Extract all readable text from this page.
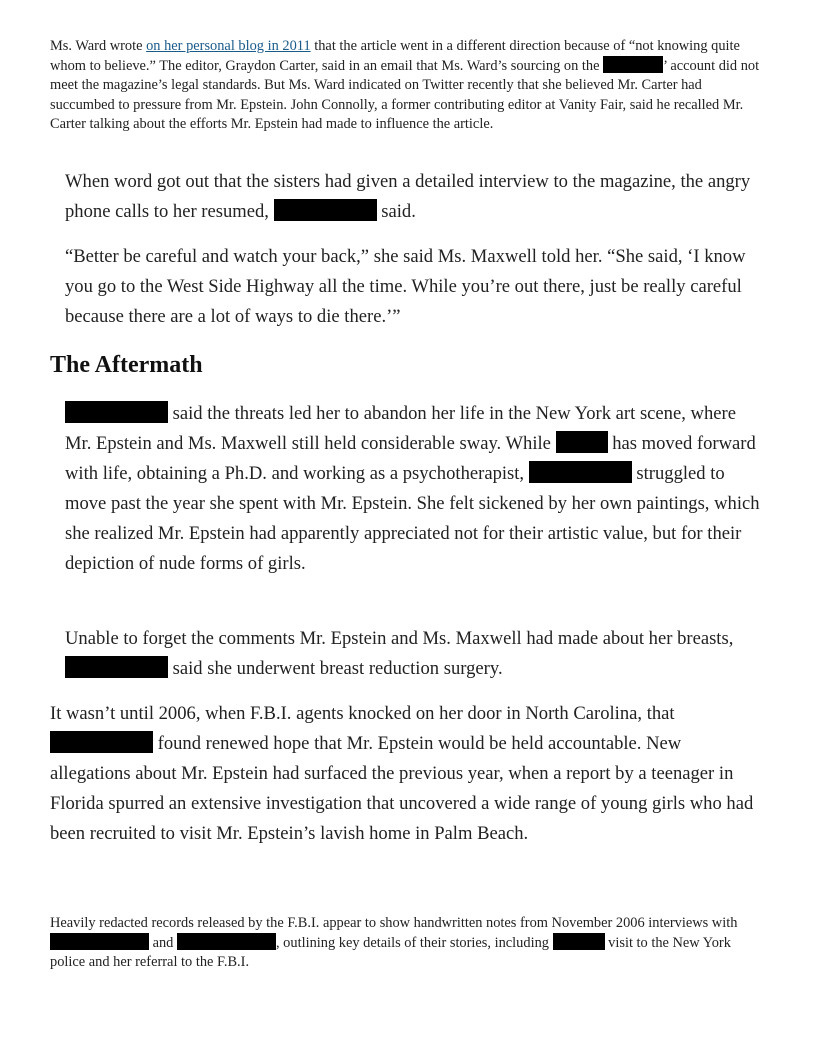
Ms. Ward wrote on her personal blog in 2011 that the article went in a different direction because of “not knowing quite whom to believe.” The editor, Graydon Carter, said in an email that Ms. Ward’s sourcing on the	’ account did not meet the magazine’s legal standards. But Ms. Ward indicated on Twitter recently that she believed Mr. Carter had succumbed to pressure from Mr. Epstein. John Connolly, a former contributing editor at Vanity Fair, said he recalled Mr. Carter talking about the efforts Mr. Epstein had made to influence the article.

When word got out that the sisters had given a detailed interview to the magazine, the angry phone calls to her resumed,	said.

“Better be careful and watch your back,” she said Ms. Maxwell told her. “She said, ‘I know you go to the West Side Highway all the time. While you’re out there, just be really careful because there are a lot of ways to die there.’”

The Aftermath

said the threats led her to abandon her life in the New York art scene, where Mr. Epstein and Ms. Maxwell still held considerable sway. While	has moved forward with life, obtaining a Ph.D. and working as a psychotherapist,	struggled to move past the year she spent with Mr. Epstein. She felt sickened by her own paintings, which she realized Mr. Epstein had apparently appreciated not for their artistic value, but for their depiction of nude forms of girls.

Unable to forget the comments Mr. Epstein and Ms. Maxwell had made about her breasts,  said she underwent breast reduction surgery.

It wasn’t until 2006, when F.B.I. agents knocked on her door in North Carolina, that  found renewed hope that Mr. Epstein would be held accountable. New allegations about Mr. Epstein had surfaced the previous year, when a report by a teenager in Florida spurred an extensive investigation that uncovered a wide range of young girls who had been recruited to visit Mr. Epstein’s lavish home in Palm Beach.

Heavily redacted records released by the F.B.I. appear to show handwritten notes from November 2006 interviews with  and	, outlining key details of their stories, including	visit to the New York police and her referral to the F.B.I.
